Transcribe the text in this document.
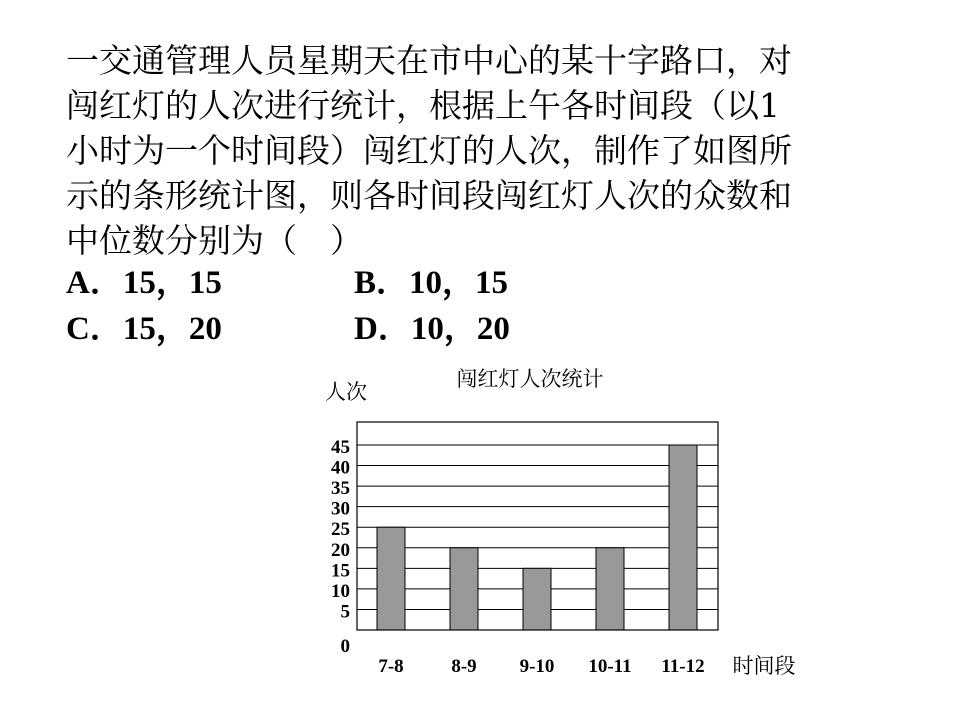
一交通管理人员星期天在市中心的某十字路口，对
闯红灯的人次进行统计，根据上午各时间段（以1
小时为一个时间段）闯红灯的人次，制作了如图所
示的条形统计图，则各时间段闯红灯人次的众数和
中位数分别为（　）
A．15，15	B．10，15
C．15，20	D．10，20
闯红灯人次统计
人次
时间段
0
5
10
15
20
25
30
35
40
45
7-8	8-9 9-10 10-11 11-12
